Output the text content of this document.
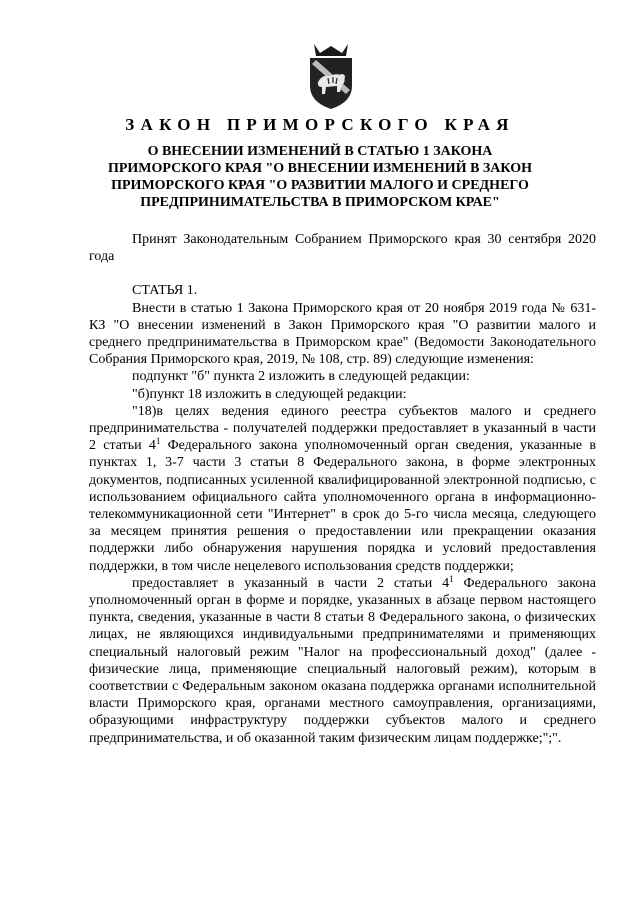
ЗАКОН ПРИМОРСКОГО КРАЯ
О ВНЕСЕНИИ ИЗМЕНЕНИЙ В СТАТЬЮ 1 ЗАКОНА ПРИМОРСКОГО КРАЯ "О ВНЕСЕНИИ ИЗМЕНЕНИЙ В ЗАКОН ПРИМОРСКОГО КРАЯ "О РАЗВИТИИ МАЛОГО И СРЕДНЕГО ПРЕДПРИНИМАТЕЛЬСТВА В ПРИМОРСКОМ КРАЕ"

Принят Законодательным Собранием Приморского края 30 сентября 2020 года

СТАТЬЯ 1.

Внести в статью 1 Закона Приморского края от 20 ноября 2019 года № 631-КЗ "О внесении изменений в Закон Приморского края "О развитии малого и среднего предпринимательства в Приморском крае" (Ведомости Законодательного Собрания Приморского края, 2019, № 108, стр. 89) следующие изменения:

подпункт "б" пункта 2 изложить в следующей редакции:

"б)пункт 18 изложить в следующей редакции:

"18)в целях ведения единого реестра субъектов малого и среднего предпринимательства - получателей поддержки предоставляет в указанный в части 2 статьи $4^1$ Федерального закона уполномоченный орган сведения, указанные в пунктах 1, 3-7 части 3 статьи 8 Федерального закона, в форме электронных документов, подписанных усиленной квалифицированной электронной подписью, с использованием официального сайта уполномоченного органа в информационно-телекоммуникационной сети "Интернет" в срок до 5-го числа месяца, следующего за месяцем принятия решения о предоставлении или прекращении оказания поддержки либо обнаружения нарушения порядка и условий предоставления поддержки, в том числе нецелевого использования средств поддержки;

предоставляет в указанный в части 2 статьи $4^1$ Федерального закона уполномоченный орган в форме и порядке, указанных в абзаце первом настоящего пункта, сведения, указанные в части 8 статьи 8 Федерального закона, о физических лицах, не являющихся индивидуальными предпринимателями и применяющих специальный налоговый режим "Налог на профессиональный доход" (далее - физические лица, применяющие специальный налоговый режим), которым в соответствии с Федеральным законом оказана поддержка органами исполнительной власти Приморского края, органами местного самоуправления, организациями, образующими инфраструктуру поддержки субъектов малого и среднего предпринимательства, и об оказанной таким физическим лицам поддержке;";".
